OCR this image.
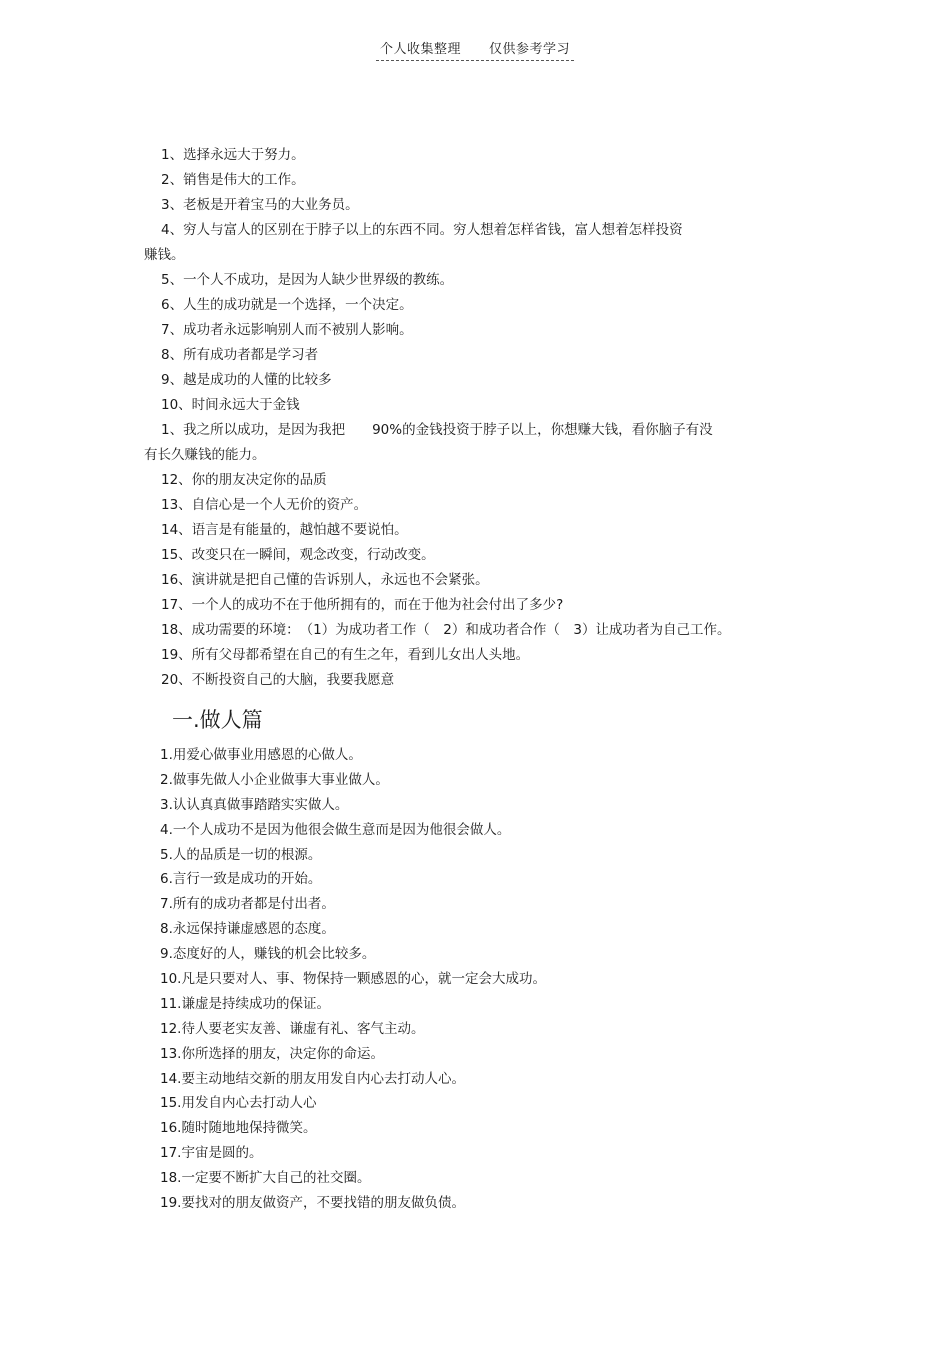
个人收集整理 仅供参考学习
1、选择永远大于努力。
2、销售是伟大的工作。
3、老板是开着宝马的大业务员。
4、穷人与富人的区别在于脖子以上的东西不同。穷人想着怎样省钱，富人想着怎样投资
赚钱。
5、一个人不成功，是因为人缺少世界级的教练。
6、人生的成功就是一个选择，一个决定。
7、成功者永远影响别人而不被别人影响。
8、所有成功者都是学习者
9、越是成功的人懂的比较多
10、时间永远大于金钱
1、我之所以成功，是因为我把　　90%的金钱投资于脖子以上，你想赚大钱，看你脑子有没
有长久赚钱的能力。
12、你的朋友决定你的品质
13、自信心是一个人无价的资产。
14、语言是有能量的，越怕越不要说怕。
15、改变只在一瞬间，观念改变，行动改变。
16、演讲就是把自己懂的告诉别人，永远也不会紧张。
17、一个人的成功不在于他所拥有的，而在于他为社会付出了多少?
18、成功需要的环境：　（1）为成功者工作（　2）和成功者合作（　3）让成功者为自己工作。
19、所有父母都希望在自己的有生之年，看到儿女出人头地。
20、不断投资自己的大脑，我要我愿意
一.做人篇
1.用爱心做事业用感恩的心做人。
2.做事先做人小企业做事大事业做人。
3.认认真真做事踏踏实实做人。
4.一个人成功不是因为他很会做生意而是因为他很会做人。
5.人的品质是一切的根源。
6.言行一致是成功的开始。
7.所有的成功者都是付出者。
8.永远保持谦虚感恩的态度。
9.态度好的人，赚钱的机会比较多。
10.凡是只要对人、事、物保持一颗感恩的心，就一定会大成功。
11.谦虚是持续成功的保证。
12.待人要老实友善、谦虚有礼、客气主动。
13.你所选择的朋友，决定你的命运。
14.要主动地结交新的朋友用发自内心去打动人心。
15.用发自内心去打动人心
16.随时随地地保持微笑。
17.宇宙是圆的。
18.一定要不断扩大自己的社交圈。
19.要找对的朋友做资产，不要找错的朋友做负债。
